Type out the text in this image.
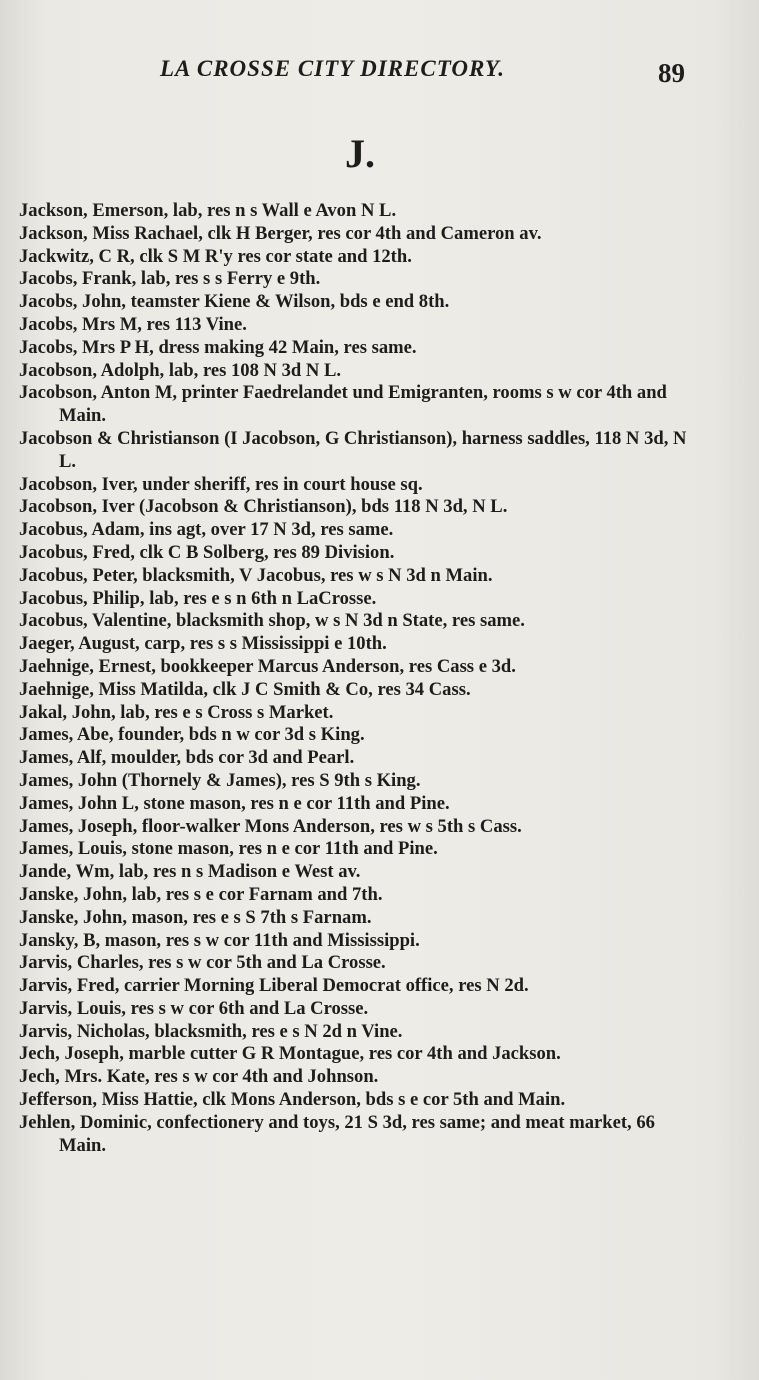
LA CROSSE CITY DIRECTORY.	89
J.
Jackson, Emerson, lab, res n s Wall e Avon N L.
Jackson, Miss Rachael, clk H Berger, res cor 4th and Cameron av.
Jackwitz, C R, clk S M R'y res cor state and 12th.
Jacobs, Frank, lab, res s s Ferry e 9th.
Jacobs, John, teamster Kiene & Wilson, bds e end 8th.
Jacobs, Mrs M, res 113 Vine.
Jacobs, Mrs P H, dress making 42 Main, res same.
Jacobson, Adolph, lab, res 108 N 3d N L.
Jacobson, Anton M, printer Faedrelandet und Emigranten, rooms s w cor 4th and Main.
Jacobson & Christianson (I Jacobson, G Christianson), harness saddles, 118 N 3d, N L.
Jacobson, Iver, under sheriff, res in court house sq.
Jacobson, Iver (Jacobson & Christianson), bds 118 N 3d, N L.
Jacobus, Adam, ins agt, over 17 N 3d, res same.
Jacobus, Fred, clk C B Solberg, res 89 Division.
Jacobus, Peter, blacksmith, V Jacobus, res w s N 3d n Main.
Jacobus, Philip, lab, res e s n 6th n LaCrosse.
Jacobus, Valentine, blacksmith shop, w s N 3d n State, res same.
Jaeger, August, carp, res s s Mississippi e 10th.
Jaehnige, Ernest, bookkeeper Marcus Anderson, res Cass e 3d.
Jaehnige, Miss Matilda, clk J C Smith & Co, res 34 Cass.
Jakal, John, lab, res e s Cross s Market.
James, Abe, founder, bds n w cor 3d s King.
James, Alf, moulder, bds cor 3d and Pearl.
James, John (Thornely & James), res S 9th s King.
James, John L, stone mason, res n e cor 11th and Pine.
James, Joseph, floor-walker Mons Anderson, res w s 5th s Cass.
James, Louis, stone mason, res n e cor 11th and Pine.
Jande, Wm, lab, res n s Madison e West av.
Janske, John, lab, res s e cor Farnam and 7th.
Janske, John, mason, res e s S 7th s Farnam.
Jansky, B, mason, res s w cor 11th and Mississippi.
Jarvis, Charles, res s w cor 5th and La Crosse.
Jarvis, Fred, carrier Morning Liberal Democrat office, res N 2d.
Jarvis, Louis, res s w cor 6th and La Crosse.
Jarvis, Nicholas, blacksmith, res e s N 2d n Vine.
Jech, Joseph, marble cutter G R Montague, res cor 4th and Jackson.
Jech, Mrs. Kate, res s w cor 4th and Johnson.
Jefferson, Miss Hattie, clk Mons Anderson, bds s e cor 5th and Main.
Jehlen, Dominic, confectionery and toys, 21 S 3d, res same; and meat market, 66 Main.
